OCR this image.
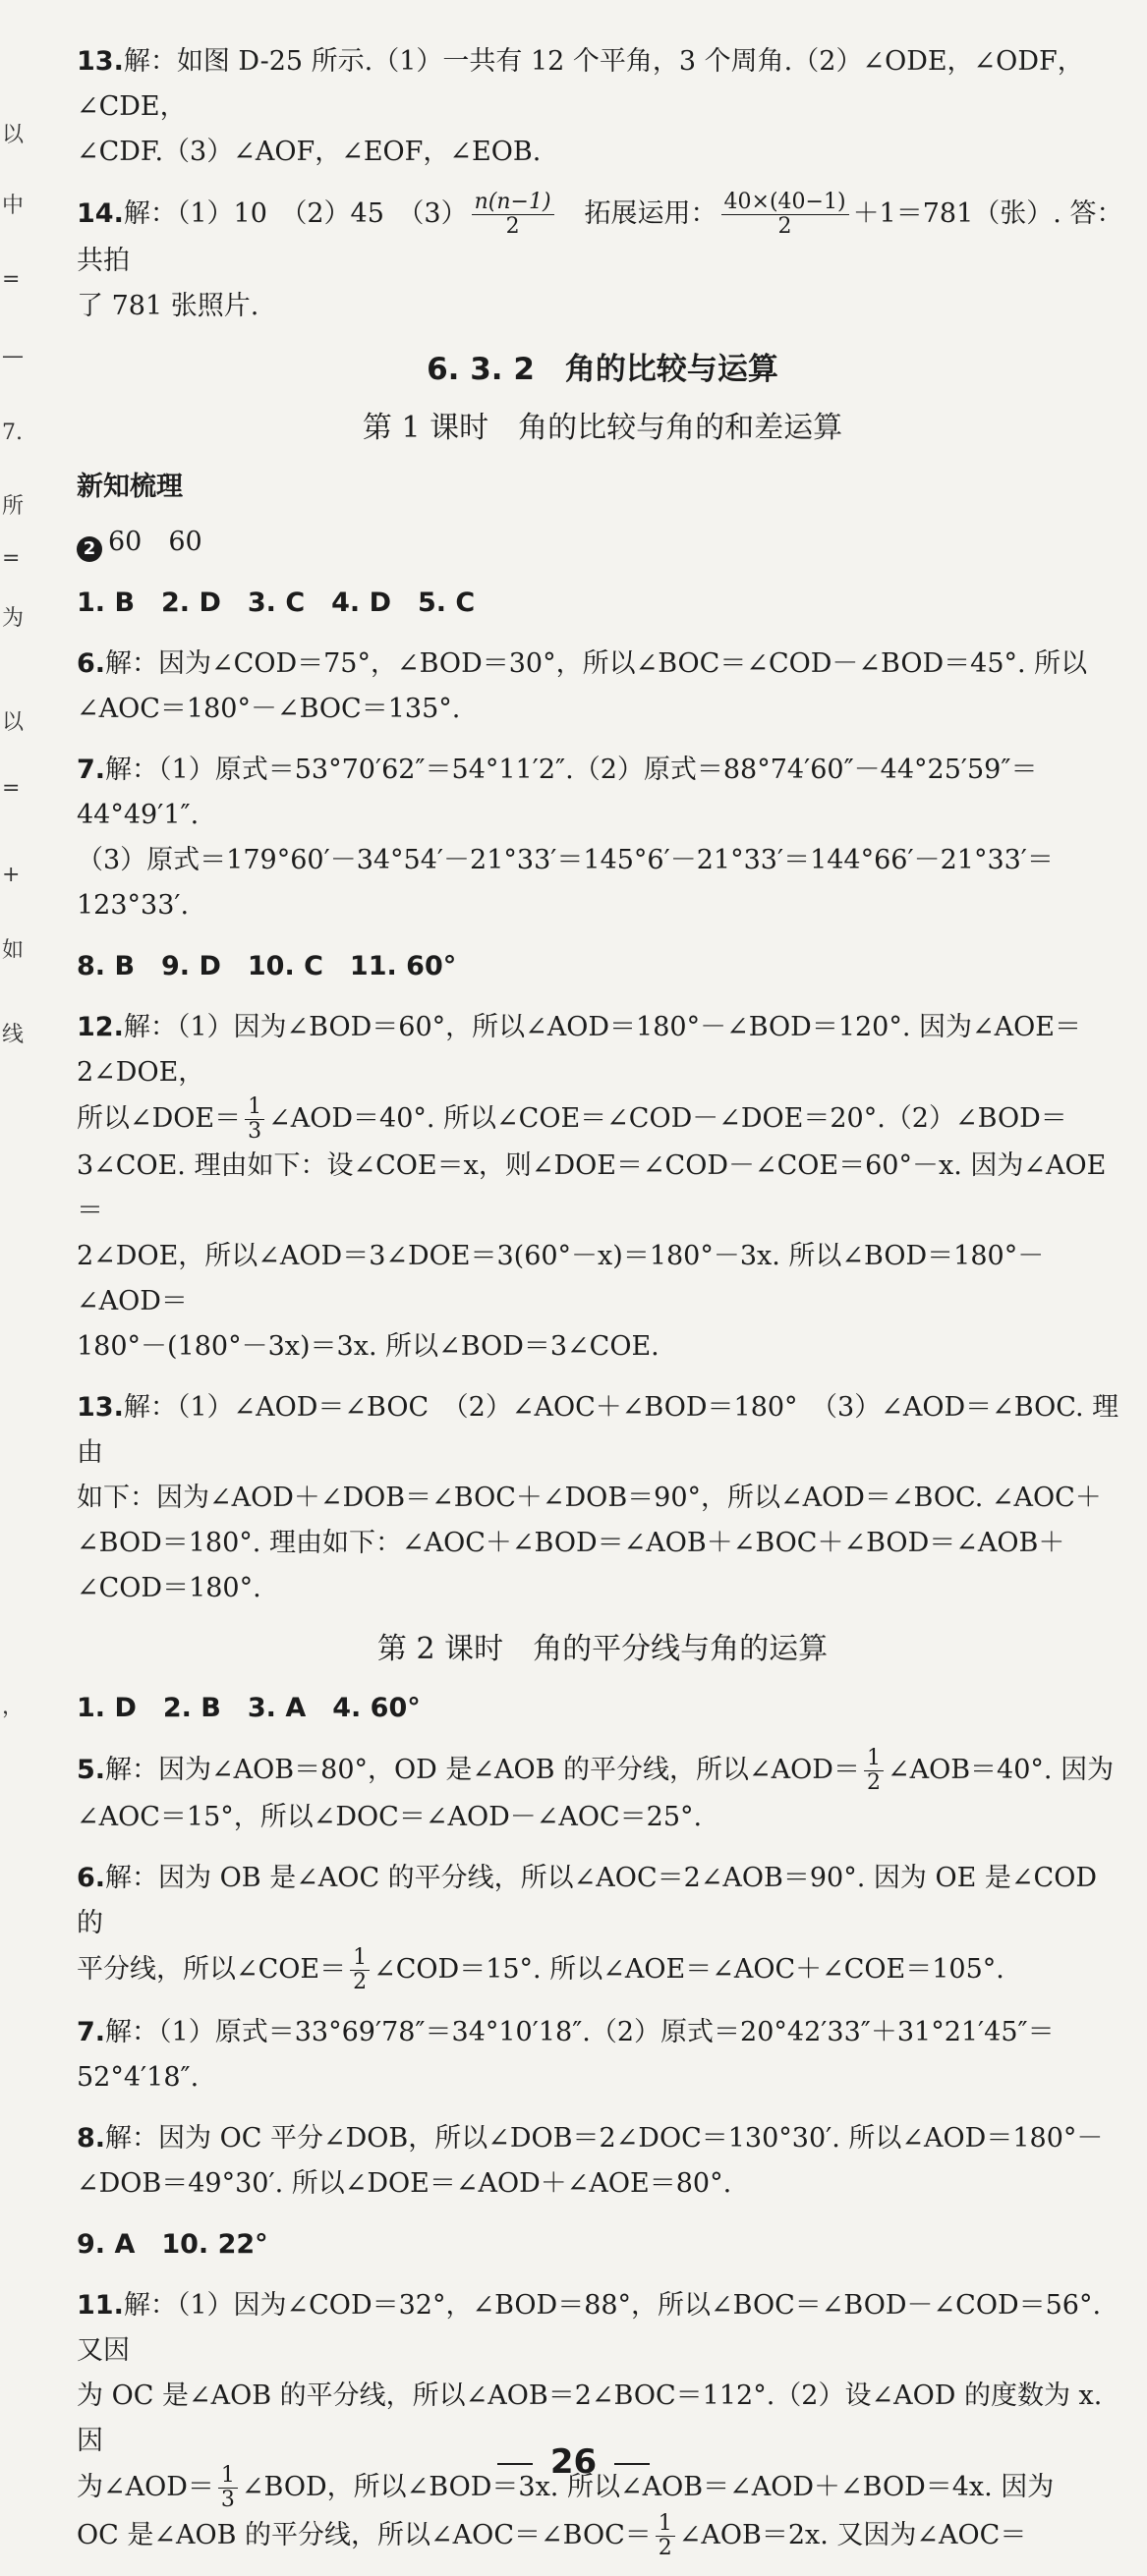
以
中
=
—
7.
所
=
为
以
=
+
如
线
，
13.解：如图 D-25 所示.（1）一共有 12 个平角，3 个周角.（2）∠ODE，∠ODF，∠CDE，
∠CDF.（3）∠AOF，∠EOF，∠EOB.
14.解：（1）10　（2）45　$(3) \frac{n(n-1)}{2}$ 　拓展运用： $\frac{40\times(40-1)}{2} +1=781$（张）. 答：共拍
了 781 张照片.
6. 3. 2　角的比较与运算
第 1 课时　角的比较与角的和差运算
新知梳理
2 60　60
1. B　2. D　3. C　4. D　5. C
6.解：因为∠COD＝75°，∠BOD＝30°，所以∠BOC＝∠COD－∠BOD＝45°. 所以
∠AOC＝180°－∠BOC＝135°.
7.解：（1）原式＝53°70′62″＝54°11′2″.（2）原式＝88°74′60″－44°25′59″＝44°49′1″.
（3）原式＝179°60′－34°54′－21°33′＝145°6′－21°33′＝144°66′－21°33′＝123°33′.
8. B　9. D　10. C　11. 60°
12.解：（1）因为∠BOD＝60°，所以∠AOD＝180°－∠BOD＝120°. 因为∠AOE＝2∠DOE，
所以∠DOE＝ $\frac{1}{3}$ ∠AOD＝40°. 所以∠COE＝∠COD－∠DOE＝20°.（2）∠BOD＝
3∠COE. 理由如下：设∠COE＝x，则∠DOE＝∠COD－∠COE＝60°－x. 因为∠AOE＝
2∠DOE，所以∠AOD＝3∠DOE＝3(60°－x)＝180°－3x. 所以∠BOD＝180°－∠AOD＝
180°－(180°－3x)＝3x. 所以∠BOD＝3∠COE.
13.解：（1）∠AOD＝∠BOC　（2）∠AOC＋∠BOD＝180°　（3）∠AOD＝∠BOC. 理由
如下：因为∠AOD＋∠DOB＝∠BOC＋∠DOB＝90°，所以∠AOD＝∠BOC. ∠AOC＋
∠BOD＝180°. 理由如下：∠AOC＋∠BOD＝∠AOB＋∠BOC＋∠BOD＝∠AOB＋
∠COD＝180°.
第 2 课时　角的平分线与角的运算
1. D　2. B　3. A　4. 60°
5.解：因为∠AOB＝80°，OD 是∠AOB 的平分线，所以∠AOD＝ $\frac{1}{2}$ ∠AOB＝40°. 因为
∠AOC＝15°，所以∠DOC＝∠AOD－∠AOC＝25°.
6.解：因为 OB 是∠AOC 的平分线，所以∠AOC＝2∠AOB＝90°. 因为 OE 是∠COD 的
平分线，所以∠COE＝ $\frac{1}{2}$ ∠COD＝15°. 所以∠AOE＝∠AOC＋∠COE＝105°.
7.解：（1）原式＝33°69′78″＝34°10′18″.（2）原式＝20°42′33″＋31°21′45″＝52°4′18″.
8.解：因为 OC 平分∠DOB，所以∠DOB＝2∠DOC＝130°30′. 所以∠AOD＝180°－
∠DOB＝49°30′. 所以∠DOE＝∠AOD＋∠AOE＝80°.
9. A　10. 22°
11.解：（1）因为∠COD＝32°，∠BOD＝88°，所以∠BOC＝∠BOD－∠COD＝56°. 又因
为 OC 是∠AOB 的平分线，所以∠AOB＝2∠BOC＝112°.（2）设∠AOD 的度数为 x. 因
为∠AOD＝ $\frac{1}{3}$ ∠BOD，所以∠BOD＝3x. 所以∠AOB＝∠AOD＋∠BOD＝4x. 因为
OC 是∠AOB 的平分线，所以∠AOC＝∠BOC＝ $\frac{1}{2}$ ∠AOB＝2x. 又因为∠AOC＝
26
